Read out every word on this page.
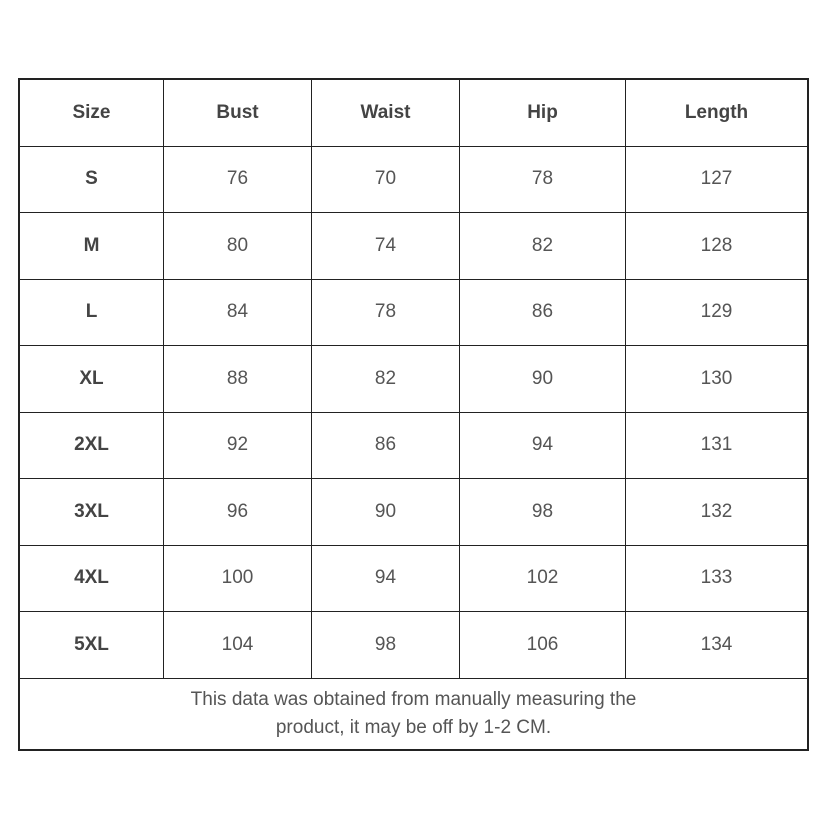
Size	Bust	Waist	Hip	Length
S	76	70	78	127
M	80	74	82	128
L	84	78	86	129
XL	88	82	90	130
2XL	92	86	94	131
3XL	96	90	98	132
4XL	100	94	102	133
5XL	104	98	106	134
This data was obtained from manually measuring the
product, it may be off by 1-2 CM.
